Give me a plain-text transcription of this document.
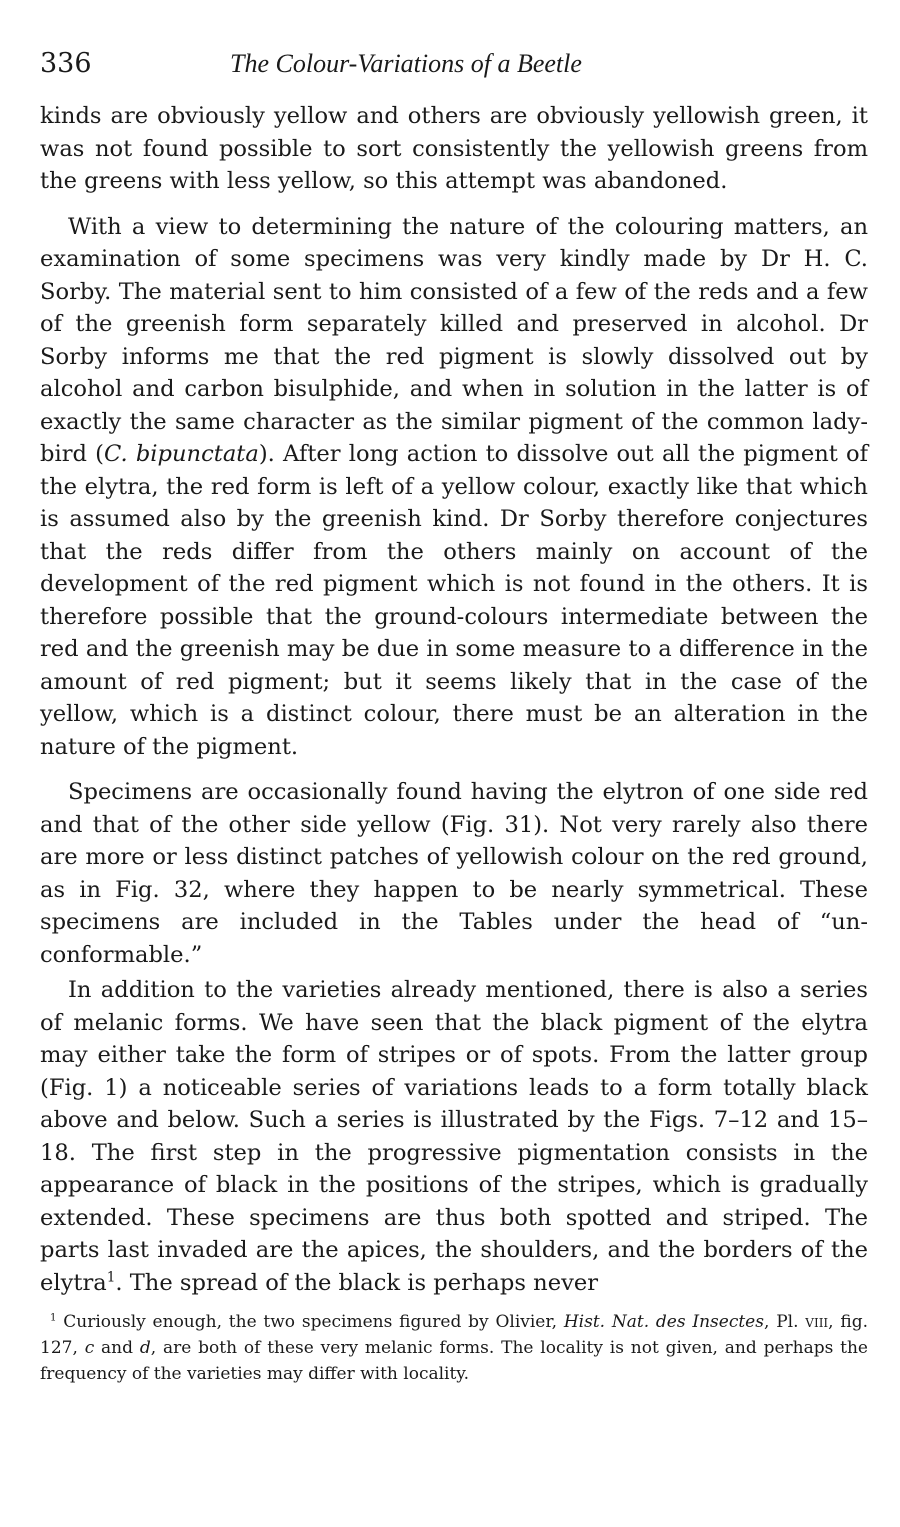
336	The Colour-Variations of a Beetle

kinds are obviously yellow and others are obviously yellowish green, it was not found possible to sort consistently the yellowish greens from the greens with less yellow, so this attempt was abandoned.

With a view to determining the nature of the colouring matters, an examination of some specimens was very kindly made by Dr H. C. Sorby. The material sent to him consisted of a few of the reds and a few of the greenish form separately killed and preserved in alcohol. Dr Sorby informs me that the red pigment is slowly dissolved out by alcohol and carbon bisulphide, and when in solution in the latter is of exactly the same character as the similar pigment of the common lady-bird (C. bipunctata). After long action to dissolve out all the pigment of the elytra, the red form is left of a yellow colour, exactly like that which is assumed also by the greenish kind. Dr Sorby therefore conjectures that the reds differ from the others mainly on account of the development of the red pigment which is not found in the others. It is therefore possible that the ground-colours intermediate between the red and the greenish may be due in some measure to a difference in the amount of red pigment; but it seems likely that in the case of the yellow, which is a distinct colour, there must be an alteration in the nature of the pigment.

Specimens are occasionally found having the elytron of one side red and that of the other side yellow (Fig. 31). Not very rarely also there are more or less distinct patches of yellowish colour on the red ground, as in Fig. 32, where they happen to be nearly symmetrical. These specimens are included in the Tables under the head of “unconformable.”

In addition to the varieties already mentioned, there is also a series of melanic forms. We have seen that the black pigment of the elytra may either take the form of stripes or of spots. From the latter group (Fig. 1) a noticeable series of variations leads to a form totally black above and below. Such a series is illustrated by the Figs. 7–12 and 15–18. The first step in the progressive pigmentation consists in the appearance of black in the positions of the stripes, which is gradually extended. These specimens are thus both spotted and striped. The parts last invaded are the apices, the shoulders, and the borders of the elytra$^1$. The spread of the black is perhaps never

$^1$ Curiously enough, the two specimens figured by Olivier, Hist. Nat. des Insectes, Pl. viii, fig. 127, c and d, are both of these very melanic forms. The locality is not given, and perhaps the frequency of the varieties may differ with locality.
